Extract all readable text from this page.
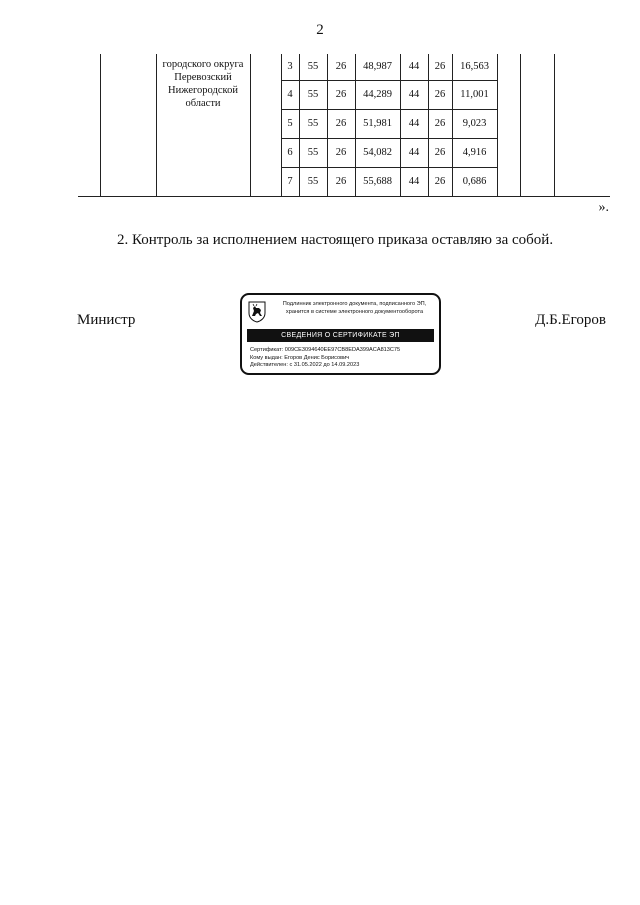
2

		городского округа
Перевозский
Нижегородской
области		3	55	26	48,987	44	26	16,563			
				4	55	26	44,289	44	26	11,001			
				5	55	26	51,981	44	26	9,023			
				6	55	26	54,082	44	26	4,916			
				7	55	26	55,688	44	26	0,686			
».
2. Контроль за исполнением настоящего приказа оставляю за собой.
Министр
Подлинник электронного документа, подписанного ЭП,
хранится в системе электронного документооборота
СВЕДЕНИЯ О СЕРТИФИКАТЕ ЭП
Сертификат: 009CE3094640EE97CB8EDA399ACA813C75
Кому выдан: Егоров Денис Борисович
Действителен: с 31.05.2022 до 14.09.2023
Д.Б.Егоров
